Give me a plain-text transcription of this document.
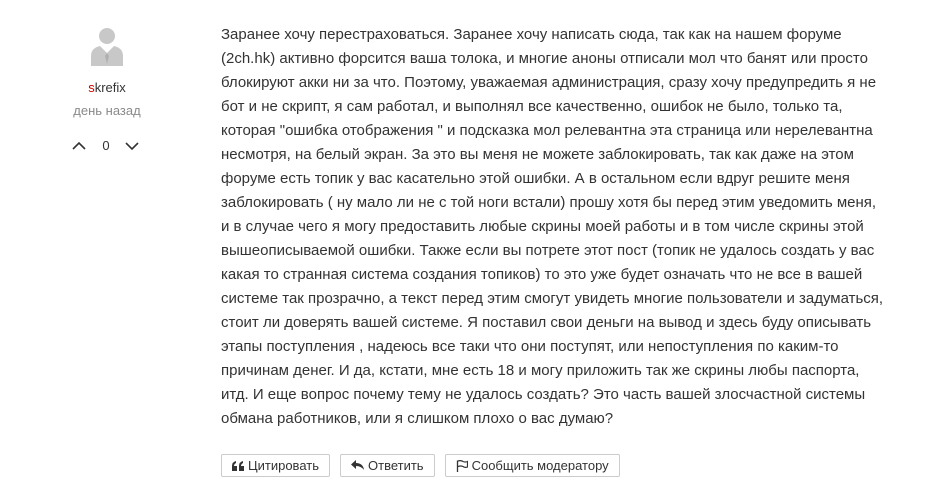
skrefix
день назад
0

Заранее хочу перестраховаться. Заранее хочу написать сюда, так как на нашем форуме (2ch.hk) активно форсится ваша толока, и многие аноны отписали мол что банят или просто блокируют акки ни за что. Поэтому, уважаемая администрация, сразу хочу предупредить я не бот и не скрипт, я сам работал, и выполнял все качественно, ошибок не было, только та, которая "ошибка отображения " и подсказка мол релевантна эта страница или нерелевантна несмотря, на белый экран. За это вы меня не можете заблокировать, так как даже на этом форуме есть топик у вас касательно этой ошибки. А в остальном если вдруг решите меня заблокировать ( ну мало ли не с той ноги встали) прошу хотя бы перед этим уведомить меня, и в случае чего я могу предоставить любые скрины моей работы и в том числе скрины этой вышеописываемой ошибки. Также если вы потрете этот пост (топик не удалось создать у вас какая то странная система создания топиков) то это уже будет означать что не все в вашей системе так прозрачно, а текст перед этим смогут увидеть многие пользователи и задуматься, стоит ли доверять вашей системе. Я поставил свои деньги на вывод и здесь буду описывать этапы поступления , надеюсь все таки что они поступят, или непоступления по каким-то причинам денег. И да, кстати, мне есть 18 и могу приложить так же скрины любы паспорта, итд. И еще вопрос почему тему не удалось создать? Это часть вашей злосчастной системы обмана работников, или я слишком плохо о вас думаю?

Цитировать	Ответить	Сообщить модератору
